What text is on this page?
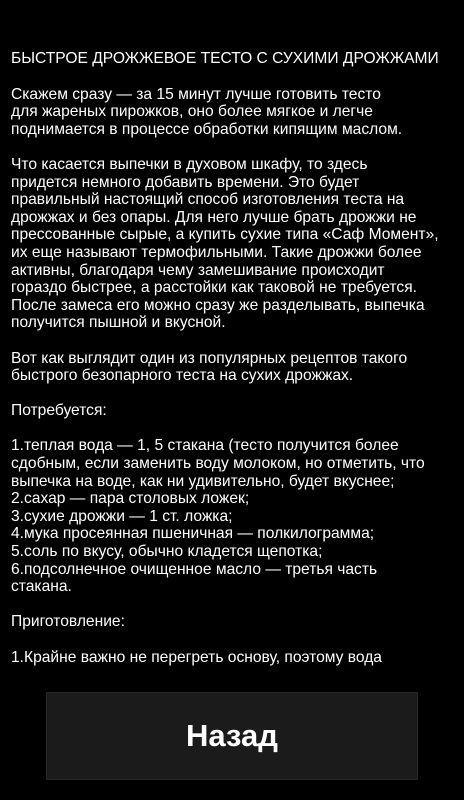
БЫСТРОЕ ДРОЖЖЕВОЕ ТЕСТО С СУХИМИ ДРОЖЖАМИ

Скажем сразу — за 15 минут лучше готовить тесто
для жареных пирожков, оно более мягкое и легче
поднимается в процессе обработки кипящим маслом.

Что касается выпечки в духовом шкафу, то здесь
придется немного добавить времени. Это будет
правильный настоящий способ изготовления теста на
дрожжах и без опары. Для него лучше брать дрожжи не
прессованные сырые, а купить сухие типа «Саф Момент»,
их еще называют термофильными. Такие дрожжи более
активны, благодаря чему замешивание происходит
гораздо быстрее, а расстойки как таковой не требуется.
После замеса его можно сразу же разделывать, выпечка
получится пышной и вкусной.

Вот как выглядит один из популярных рецептов такого
быстрого безопарного теста на сухих дрожжах.

Потребуется:

1.теплая вода — 1, 5 стакана (тесто получится более
сдобным, если заменить воду молоком, но отметить, что
выпечка на воде, как ни удивительно, будет вкуснее;
2.сахар — пара столовых ложек;
3.сухие дрожжи — 1 ст. ложка;
4.мука просеянная пшеничная — полкилограмма;
5.соль по вкусу, обычно кладется щепотка;
6.подсолнечное очищенное масло — третья часть
стакана.

Приготовление:

1.Крайне важно не перегреть основу, поэтому вода
Назад
